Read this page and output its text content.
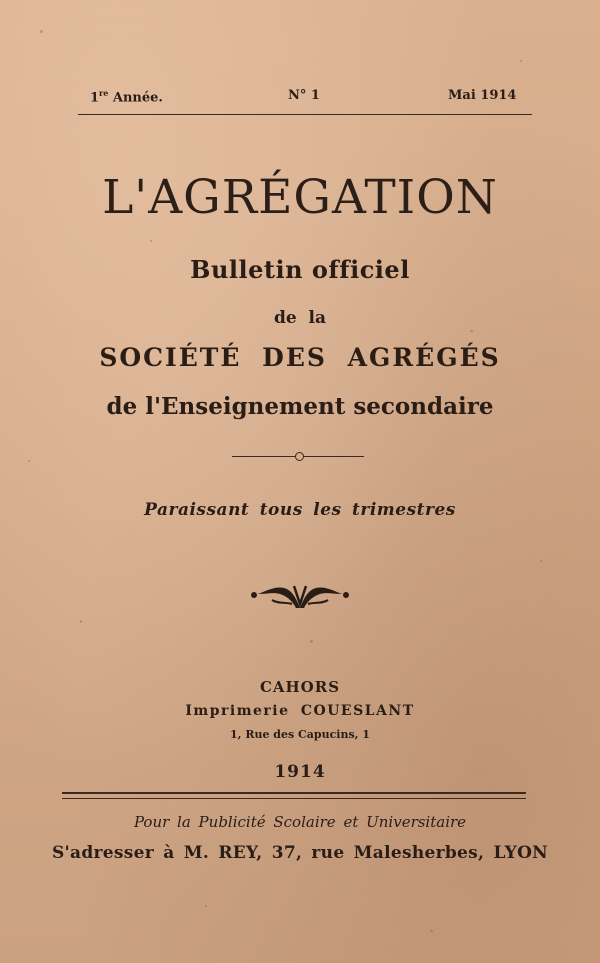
1re Année.	N° 1	Mai 1914
L'AGRÉGATION
Bulletin officiel
de la
SOCIÉTÉ DES AGRÉGÉS
de l'Enseignement secondaire
Paraissant tous les trimestres
CAHORS
Imprimerie COUESLANT
1, Rue des Capucins, 1
1914
Pour la Publicité Scolaire et Universitaire
S'adresser à M. REY, 37, rue Malesherbes, LYON
